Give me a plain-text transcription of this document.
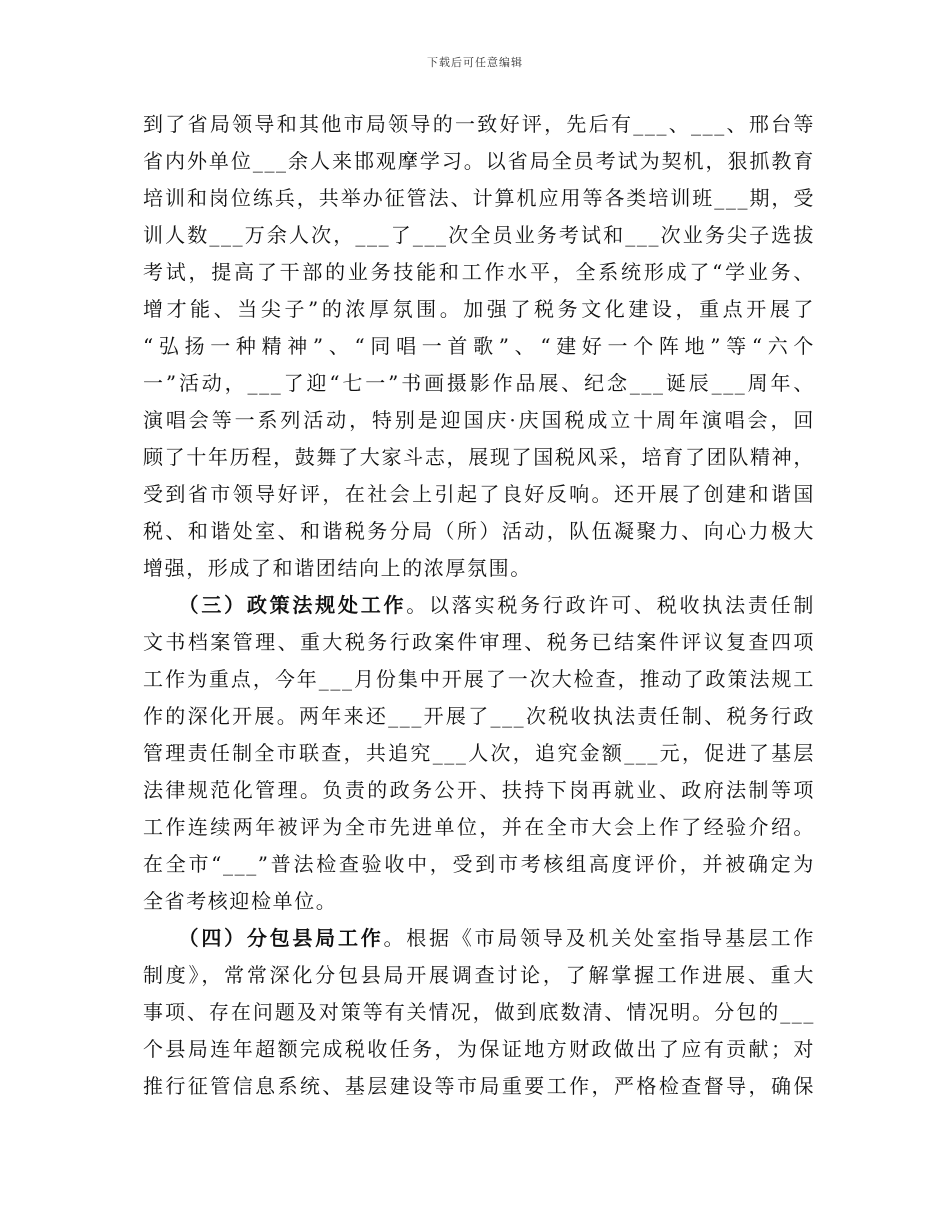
下载后可任意编辑
到了省局领导和其他市局领导的一致好评，先后有___、___、邢台等
省内外单位___余人来邯观摩学习。以省局全员考试为契机，狠抓教育
培训和岗位练兵，共举办征管法、计算机应用等各类培训班___期，受
训人数___万余人次，___了___次全员业务考试和___次业务尖子选拔
考试，提高了干部的业务技能和工作水平，全系统形成了“学业务、
增才能、当尖子”的浓厚氛围。加强了税务文化建设，重点开展了
“弘扬一种精神”、“同唱一首歌”、“建好一个阵地”等“六个
一”活动，___了迎“七一”书画摄影作品展、纪念___诞辰___周年、
演唱会等一系列活动，特别是迎国庆·庆国税成立十周年演唱会，回
顾了十年历程，鼓舞了大家斗志，展现了国税风采，培育了团队精神，
受到省市领导好评，在社会上引起了良好反响。还开展了创建和谐国
税、和谐处室、和谐税务分局（所）活动，队伍凝聚力、向心力极大
增强，形成了和谐团结向上的浓厚氛围。
　　（三）政策法规处工作。以落实税务行政许可、税收执法责任制
文书档案管理、重大税务行政案件审理、税务已结案件评议复查四项
工作为重点，今年___月份集中开展了一次大检查，推动了政策法规工
作的深化开展。两年来还___开展了___次税收执法责任制、税务行政
管理责任制全市联查，共追究___人次，追究金额___元，促进了基层
法律规范化管理。负责的政务公开、扶持下岗再就业、政府法制等项
工作连续两年被评为全市先进单位，并在全市大会上作了经验介绍。
在全市“___”普法检查验收中，受到市考核组高度评价，并被确定为
全省考核迎检单位。
　　（四）分包县局工作。根据《市局领导及机关处室指导基层工作
制度》，常常深化分包县局开展调查讨论，了解掌握工作进展、重大
事项、存在问题及对策等有关情况，做到底数清、情况明。分包的___
个县局连年超额完成税收任务，为保证地方财政做出了应有贡献；对
推行征管信息系统、基层建设等市局重要工作，严格检查督导，确保
